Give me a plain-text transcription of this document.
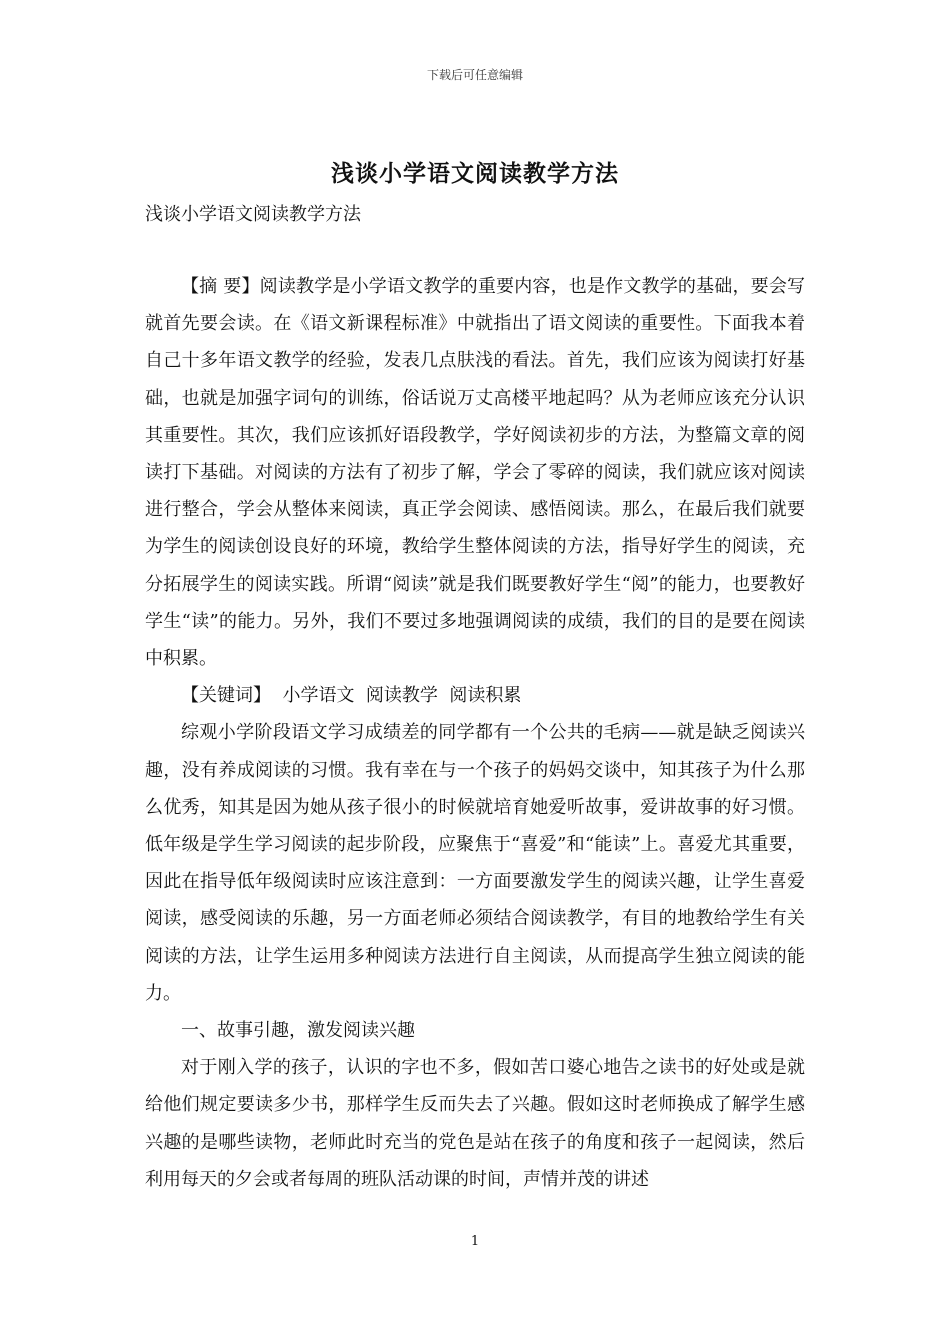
下载后可任意编辑
浅谈小学语文阅读教学方法
浅谈小学语文阅读教学方法

【摘 要】阅读教学是小学语文教学的重要内容，也是作文教学的基础，要会写就首先要会读。在《语文新课程标准》中就指出了语文阅读的重要性。下面我本着自己十多年语文教学的经验，发表几点肤浅的看法。首先，我们应该为阅读打好基础，也就是加强字词句的训练，俗话说万丈高楼平地起吗？从为老师应该充分认识其重要性。其次，我们应该抓好语段教学，学好阅读初步的方法，为整篇文章的阅读打下基础。对阅读的方法有了初步了解，学会了零碎的阅读，我们就应该对阅读进行整合，学会从整体来阅读，真正学会阅读、感悟阅读。那么，在最后我们就要为学生的阅读创设良好的环境，教给学生整体阅读的方法，指导好学生的阅读，充分拓展学生的阅读实践。所谓“阅读”就是我们既要教好学生“阅”的能力，也要教好学生“读”的能力。另外，我们不要过多地强调阅读的成绩，我们的目的是要在阅读中积累。

【关键词】  小学语文  阅读教学  阅读积累

综观小学阶段语文学习成绩差的同学都有一个公共的毛病——就是缺乏阅读兴趣，没有养成阅读的习惯。我有幸在与一个孩子的妈妈交谈中，知其孩子为什么那么优秀，知其是因为她从孩子很小的时候就培育她爱听故事，爱讲故事的好习惯。低年级是学生学习阅读的起步阶段，应聚焦于“喜爱”和“能读”上。喜爱尤其重要，因此在指导低年级阅读时应该注意到：一方面要激发学生的阅读兴趣，让学生喜爱阅读，感受阅读的乐趣，另一方面老师必须结合阅读教学，有目的地教给学生有关阅读的方法，让学生运用多种阅读方法进行自主阅读，从而提高学生独立阅读的能力。

一、故事引趣，激发阅读兴趣

对于刚入学的孩子，认识的字也不多，假如苦口婆心地告之读书的好处或是就给他们规定要读多少书，那样学生反而失去了兴趣。假如这时老师换成了解学生感兴趣的是哪些读物，老师此时充当的党色是站在孩子的角度和孩子一起阅读，然后利用每天的夕会或者每周的班队活动课的时间，声情并茂的讲述

1
